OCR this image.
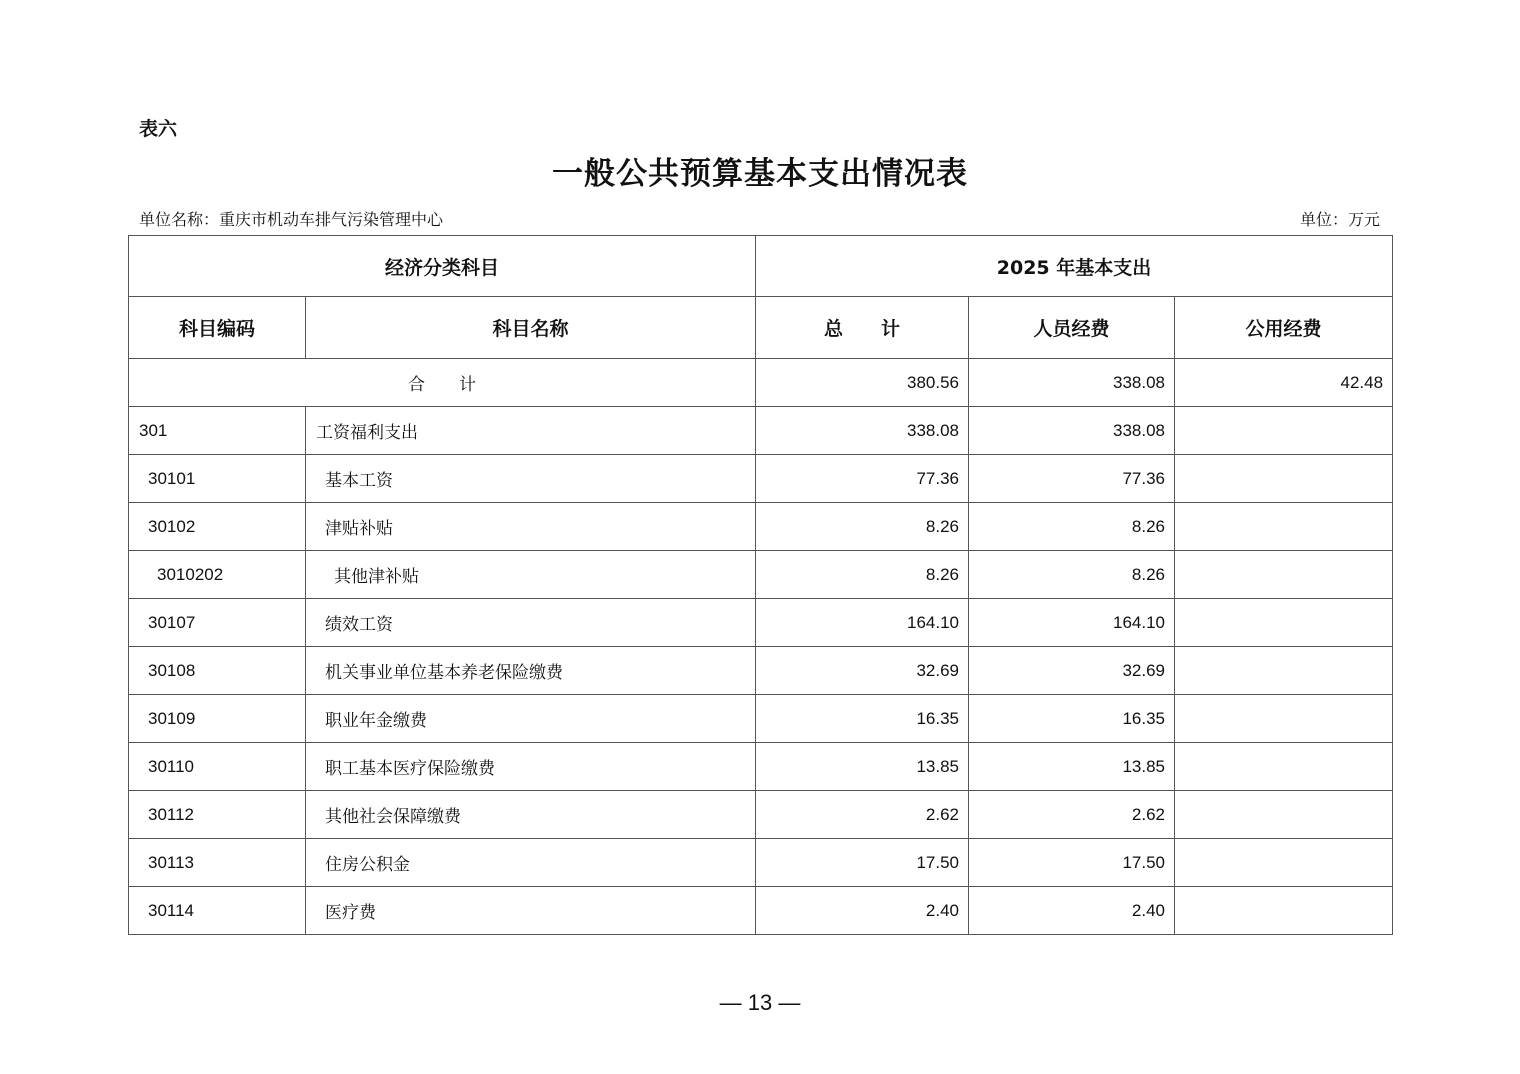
表六
一般公共预算基本支出情况表
单位名称：重庆市机动车排气污染管理中心	单位：万元
经济分类科目		2025 年基本支出		
科目编码	科目名称	总　　计	人员经费	公用经费
合　　计		380.56	338.08	42.48
301	工资福利支出	338.08	338.08	
30101	基本工资	77.36	77.36	
30102	津贴补贴	8.26	8.26	
3010202	其他津补贴	8.26	8.26	
30107	绩效工资	164.10	164.10	
30108	机关事业单位基本养老保险缴费	32.69	32.69	
30109	职业年金缴费	16.35	16.35	
30110	职工基本医疗保险缴费	13.85	13.85	
30112	其他社会保障缴费	2.62	2.62	
30113	住房公积金	17.50	17.50	
30114	医疗费	2.40	2.40	
— 13 —
